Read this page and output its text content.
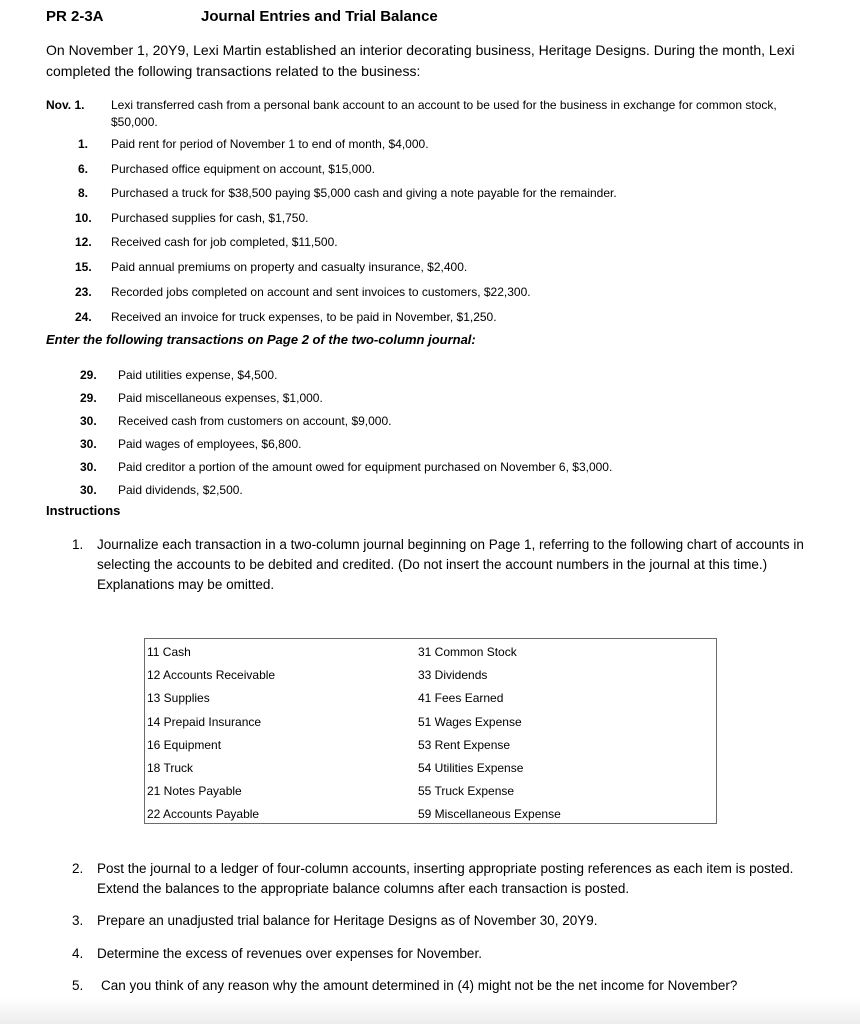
PR 2-3A	Journal Entries and Trial Balance
On November 1, 20Y9, Lexi Martin established an interior decorating business, Heritage Designs. During the month, Lexi completed the following transactions related to the business:
Nov. 1. Lexi transferred cash from a personal bank account to an account to be used for the business in exchange for common stock, $50,000.
1. Paid rent for period of November 1 to end of month, $4,000.
6. Purchased office equipment on account, $15,000.
8. Purchased a truck for $38,500 paying $5,000 cash and giving a note payable for the remainder.
10. Purchased supplies for cash, $1,750.
12. Received cash for job completed, $11,500.
15. Paid annual premiums on property and casualty insurance, $2,400.
23. Recorded jobs completed on account and sent invoices to customers, $22,300.
24. Received an invoice for truck expenses, to be paid in November, $1,250.
Enter the following transactions on Page 2 of the two-column journal:
29. Paid utilities expense, $4,500.
29. Paid miscellaneous expenses, $1,000.
30. Received cash from customers on account, $9,000.
30. Paid wages of employees, $6,800.
30. Paid creditor a portion of the amount owed for equipment purchased on November 6, $3,000.
30. Paid dividends, $2,500.
Instructions
1. Journalize each transaction in a two-column journal beginning on Page 1, referring to the following chart of accounts in selecting the accounts to be debited and credited. (Do not insert the account numbers in the journal at this time.) Explanations may be omitted.
11 Cash
12 Accounts Receivable
13 Supplies
14 Prepaid Insurance
16 Equipment
18 Truck
21 Notes Payable
22 Accounts Payable
31 Common Stock
33 Dividends
41 Fees Earned
51 Wages Expense
53 Rent Expense
54 Utilities Expense
55 Truck Expense
59 Miscellaneous Expense
2. Post the journal to a ledger of four-column accounts, inserting appropriate posting references as each item is posted. Extend the balances to the appropriate balance columns after each transaction is posted.
3. Prepare an unadjusted trial balance for Heritage Designs as of November 30, 20Y9.
4. Determine the excess of revenues over expenses for November.
5. Can you think of any reason why the amount determined in (4) might not be the net income for November?
